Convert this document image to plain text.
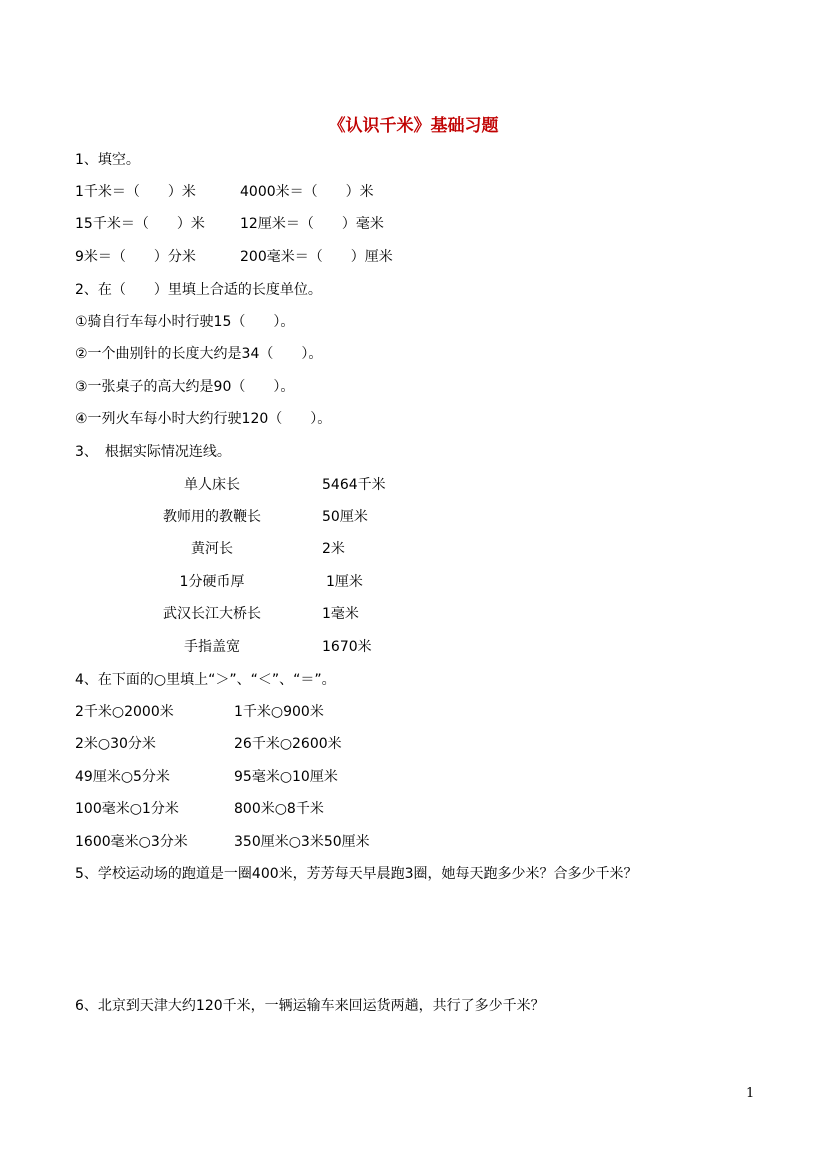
《认识千米》基础习题
1、填空。
1千米＝（　　）米	4000米＝（　　）米
15千米＝（　　）米	12厘米＝（　　）毫米
9米＝（　　）分米	200毫米＝（　　）厘米
2、在（　　）里填上合适的长度单位。
①骑自行车每小时行驶15（　　）。
②一个曲别针的长度大约是34（　　）。
③一张桌子的高大约是90（　　）。
④一列火车每小时大约行驶120（　　）。
3、　根据实际情况连线。
单人床长	5464千米
教师用的教鞭长	50厘米
黄河长	2米
1分硬币厚	1厘米
武汉长江大桥长	1毫米
手指盖宽	1670米
4、在下面的○里填上“＞”、“＜”、“＝”。
2千米○2000米	1千米○900米
2米○30分米	26千米○2600米
49厘米○5分米	95毫米○10厘米
100毫米○1分米	800米○8千米
1600毫米○3分米	350厘米○3米50厘米
5、学校运动场的跑道是一圈400米，芳芳每天早晨跑3圈，她每天跑多少米？合多少千米？
6、北京到天津大约120千米，一辆运输车来回运货两趟，共行了多少千米？
1
